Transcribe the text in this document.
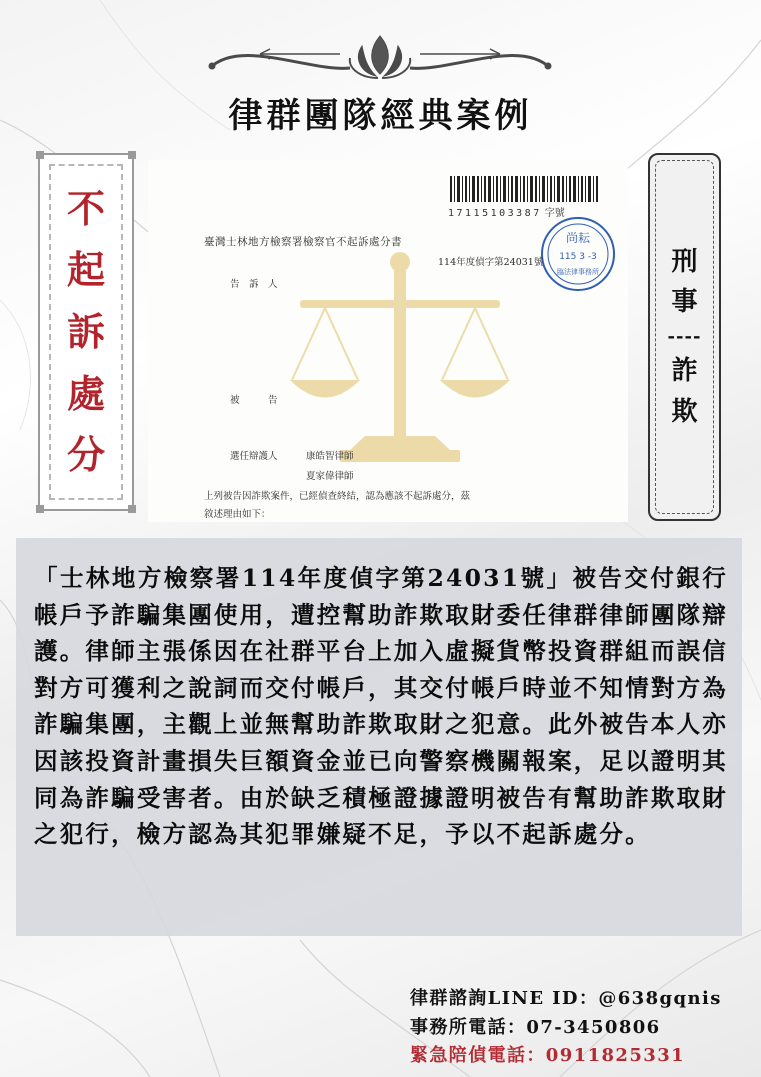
律群團隊經典案例
不
起
訴
處
分
17115103387 字號
尚耘
115 3 -3
臨法律事務所
臺灣士林地方檢察署檢察官不起訴處分書
114年度偵字第24031號
告　訴　人
被　　　告
選任辯護人	康皓智律師
夏家偉律師
上列被告因詐欺案件，已經偵查終結，認為應該不起訴處分，茲
敘述理由如下：
刑
事
----
詐
欺

「士林地方檢察署114年度偵字第24031號」被告交付銀行帳戶予詐騙集團使用，遭控幫助詐欺取財委任律群律師團隊辯護。律師主張係因在社群平台上加入虛擬貨幣投資群組而誤信對方可獲利之說詞而交付帳戶，其交付帳戶時並不知情對方為詐騙集團，主觀上並無幫助詐欺取財之犯意。此外被告本人亦因該投資計畫損失巨額資金並已向警察機關報案，足以證明其同為詐騙受害者。由於缺乏積極證據證明被告有幫助詐欺取財之犯行，檢方認為其犯罪嫌疑不足，予以不起訴處分。

律群諮詢LINE ID：@638gqnis
事務所電話：07-3450806
緊急陪偵電話：0911825331
